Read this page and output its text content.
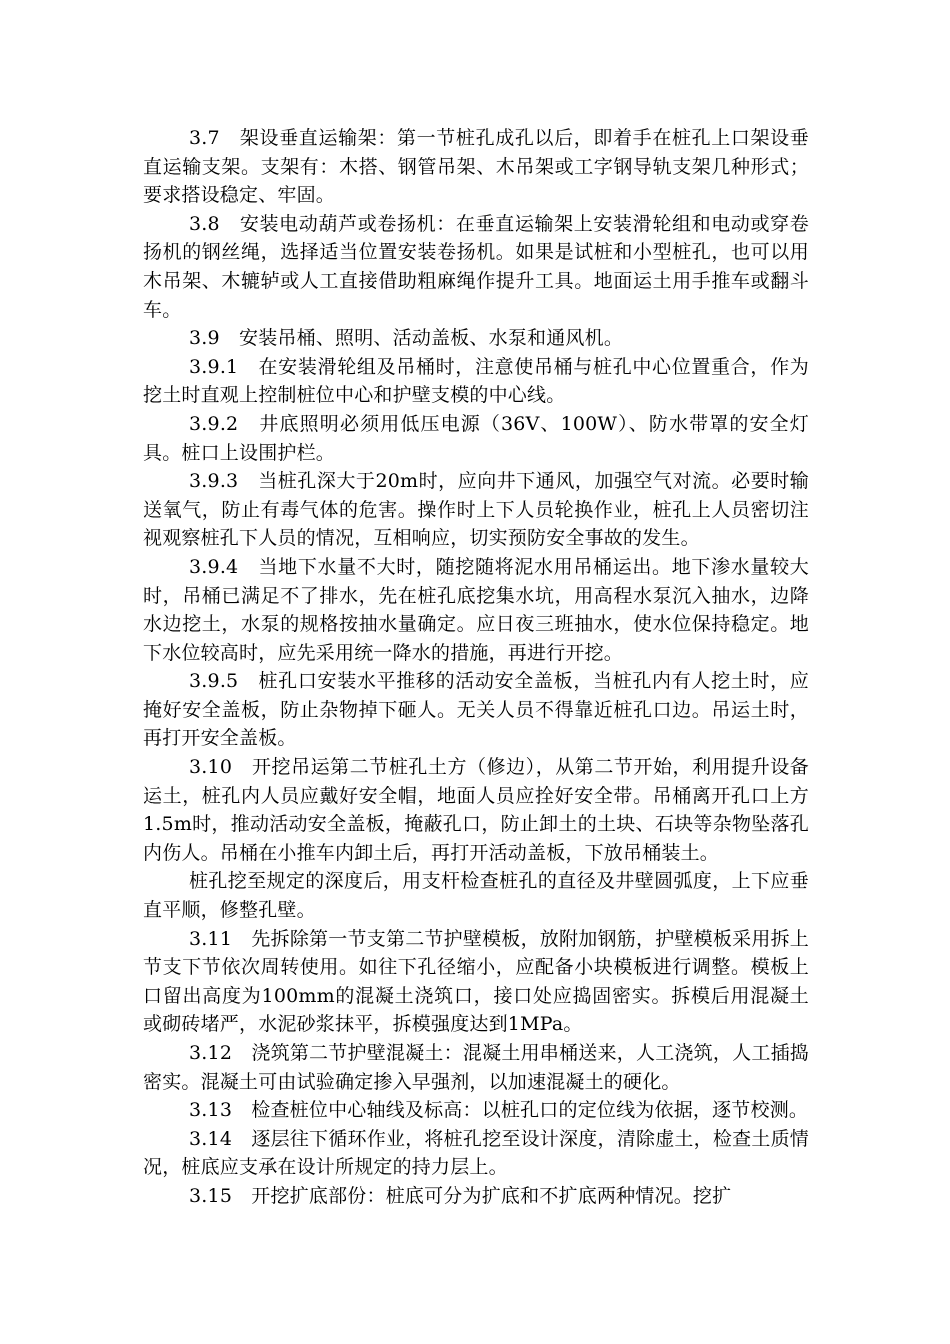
3.7　架设垂直运输架：第一节桩孔成孔以后，即着手在桩孔上口架设垂直运输支架。支架有：木搭、钢管吊架、木吊架或工字钢导轨支架几种形式；要求搭设稳定、牢固。

3.8　安装电动葫芦或卷扬机：在垂直运输架上安装滑轮组和电动或穿卷扬机的钢丝绳，选择适当位置安装卷扬机。如果是试桩和小型桩孔，也可以用木吊架、木辘轳或人工直接借助粗麻绳作提升工具。地面运土用手推车或翻斗车。

3.9　安装吊桶、照明、活动盖板、水泵和通风机。

3.9.1　在安装滑轮组及吊桶时，注意使吊桶与桩孔中心位置重合，作为挖土时直观上控制桩位中心和护壁支模的中心线。

3.9.2　井底照明必须用低压电源（36V、100W）、防水带罩的安全灯具。桩口上设围护栏。

3.9.3　当桩孔深大于20m时，应向井下通风，加强空气对流。必要时输送氧气，防止有毒气体的危害。操作时上下人员轮换作业，桩孔上人员密切注视观察桩孔下人员的情况，互相响应，切实预防安全事故的发生。

3.9.4　当地下水量不大时，随挖随将泥水用吊桶运出。地下渗水量较大时，吊桶已满足不了排水，先在桩孔底挖集水坑，用高程水泵沉入抽水，边降水边挖土，水泵的规格按抽水量确定。应日夜三班抽水，使水位保持稳定。地下水位较高时，应先采用统一降水的措施，再进行开挖。

3.9.5　桩孔口安装水平推移的活动安全盖板，当桩孔内有人挖土时，应掩好安全盖板，防止杂物掉下砸人。无关人员不得靠近桩孔口边。吊运土时，再打开安全盖板。

3.10　开挖吊运第二节桩孔土方（修边），从第二节开始，利用提升设备运土，桩孔内人员应戴好安全帽，地面人员应拴好安全带。吊桶离开孔口上方1.5m时，推动活动安全盖板，掩蔽孔口，防止卸土的土块、石块等杂物坠落孔内伤人。吊桶在小推车内卸土后，再打开活动盖板，下放吊桶装土。

桩孔挖至规定的深度后，用支杆检查桩孔的直径及井壁圆弧度，上下应垂直平顺，修整孔壁。

3.11　先拆除第一节支第二节护壁模板，放附加钢筋，护壁模板采用拆上节支下节依次周转使用。如往下孔径缩小，应配备小块模板进行调整。模板上口留出高度为100mm的混凝土浇筑口，接口处应捣固密实。拆模后用混凝土或砌砖堵严，水泥砂浆抹平，拆模强度达到1MPa。

3.12　浇筑第二节护壁混凝土：混凝土用串桶送来，人工浇筑，人工插捣密实。混凝土可由试验确定掺入早强剂，以加速混凝土的硬化。

3.13　检查桩位中心轴线及标高：以桩孔口的定位线为依据，逐节校测。

3.14　逐层往下循环作业，将桩孔挖至设计深度，清除虚土，检查土质情况，桩底应支承在设计所规定的持力层上。

3.15　开挖扩底部份：桩底可分为扩底和不扩底两种情况。挖扩
